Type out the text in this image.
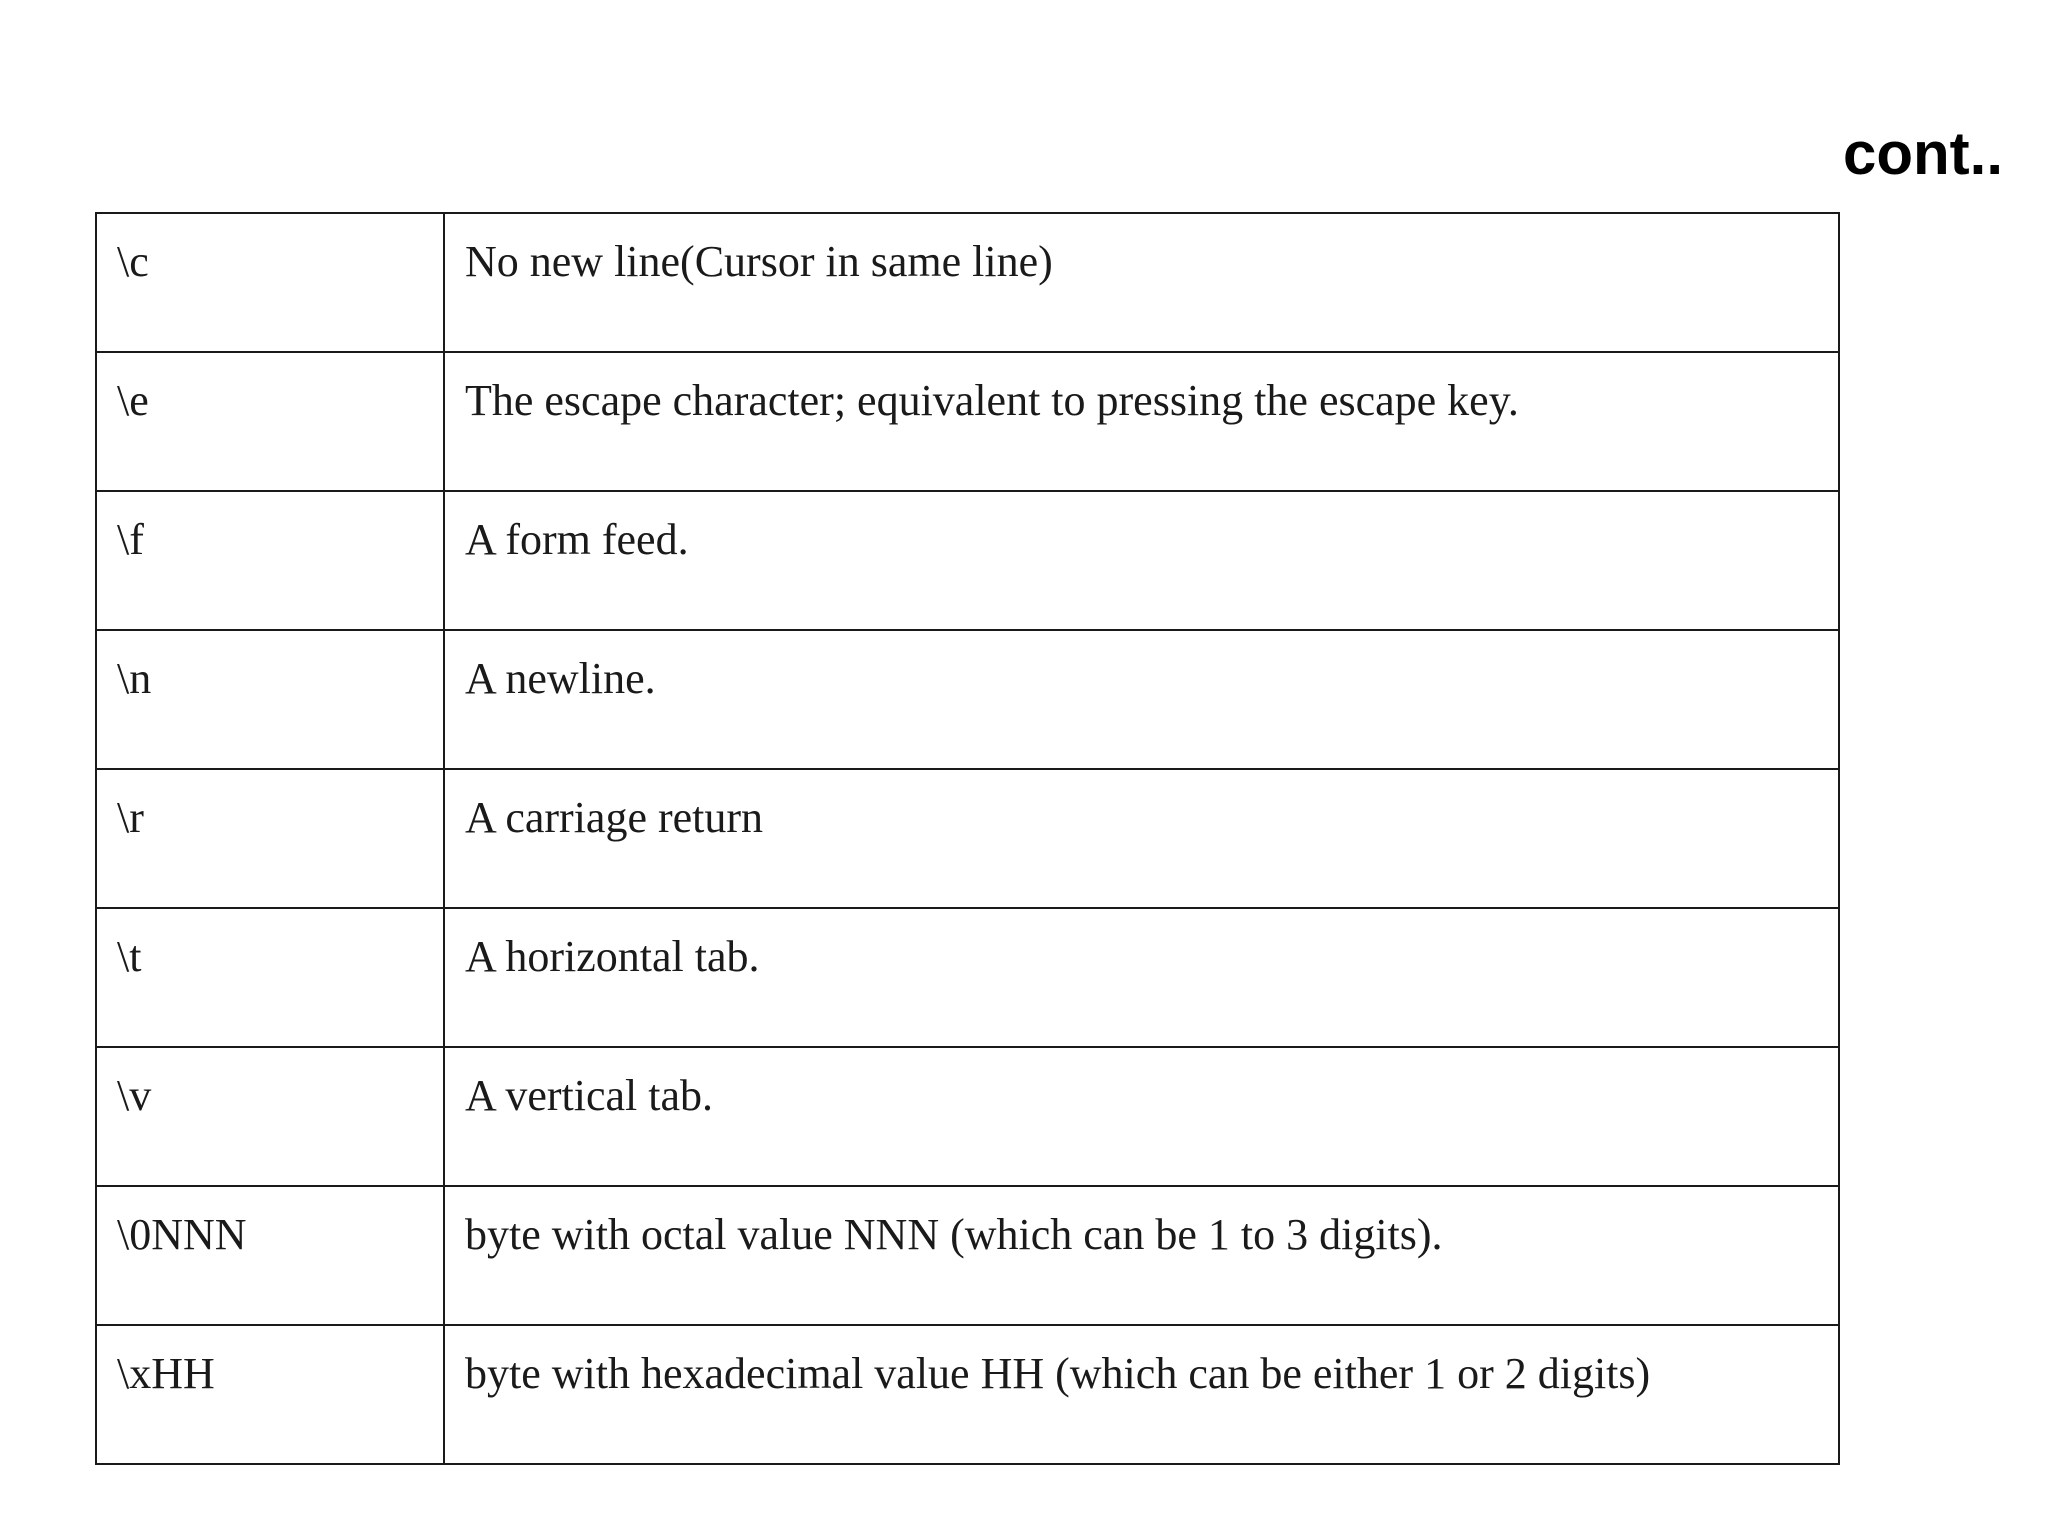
cont..
\c	No new line(Cursor in same line)
\e	The escape character; equivalent to pressing the escape key.
\f	A form feed.
\n	A newline.
\r	A carriage return
\t	A horizontal tab.
\v	A vertical tab.
\0NNN	byte with octal value NNN (which can be 1 to 3 digits).
\xHH	byte with hexadecimal value HH (which can be either 1 or 2 digits)
